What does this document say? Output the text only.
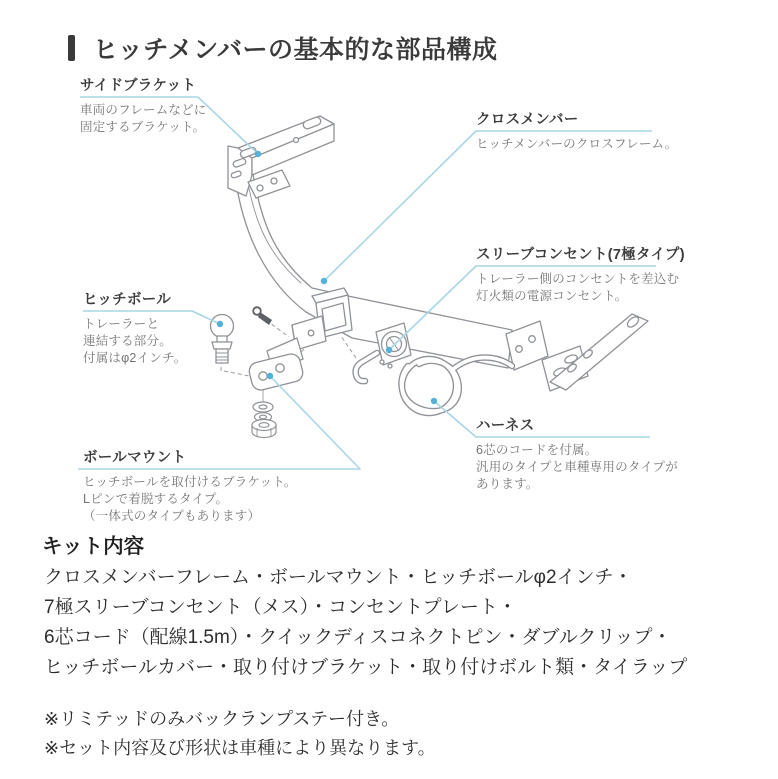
ヒッチメンバーの基本的な部品構成
サイドブラケット
車両のフレームなどに
固定するブラケット。	クロスメンバー
ヒッチメンバーのクロスフレーム。
スリーブコンセント(7極タイプ)
トレーラー側のコンセントを差込む
灯火類の電源コンセント。
ハーネス
6芯のコードを付属。
汎用のタイプと車種専用のタイプが
あります。
ヒッチボール
トレーラーと
連結する部分。
付属はφ2インチ。
ボールマウント
ヒッチボールを取付けるブラケット。
Lピンで着脱するタイプ。
（一体式のタイプもあります）
キット内容
クロスメンバーフレーム・ボールマウント・ヒッチボールφ2インチ・
7極スリーブコンセント（メス）・コンセントプレート・
6芯コード（配線1.5m）・クイックディスコネクトピン・ダブルクリップ・
ヒッチボールカバー・取り付けブラケット・取り付けボルト類・タイラップ
※リミテッドのみバックランプステー付き。
※セット内容及び形状は車種により異なります。
